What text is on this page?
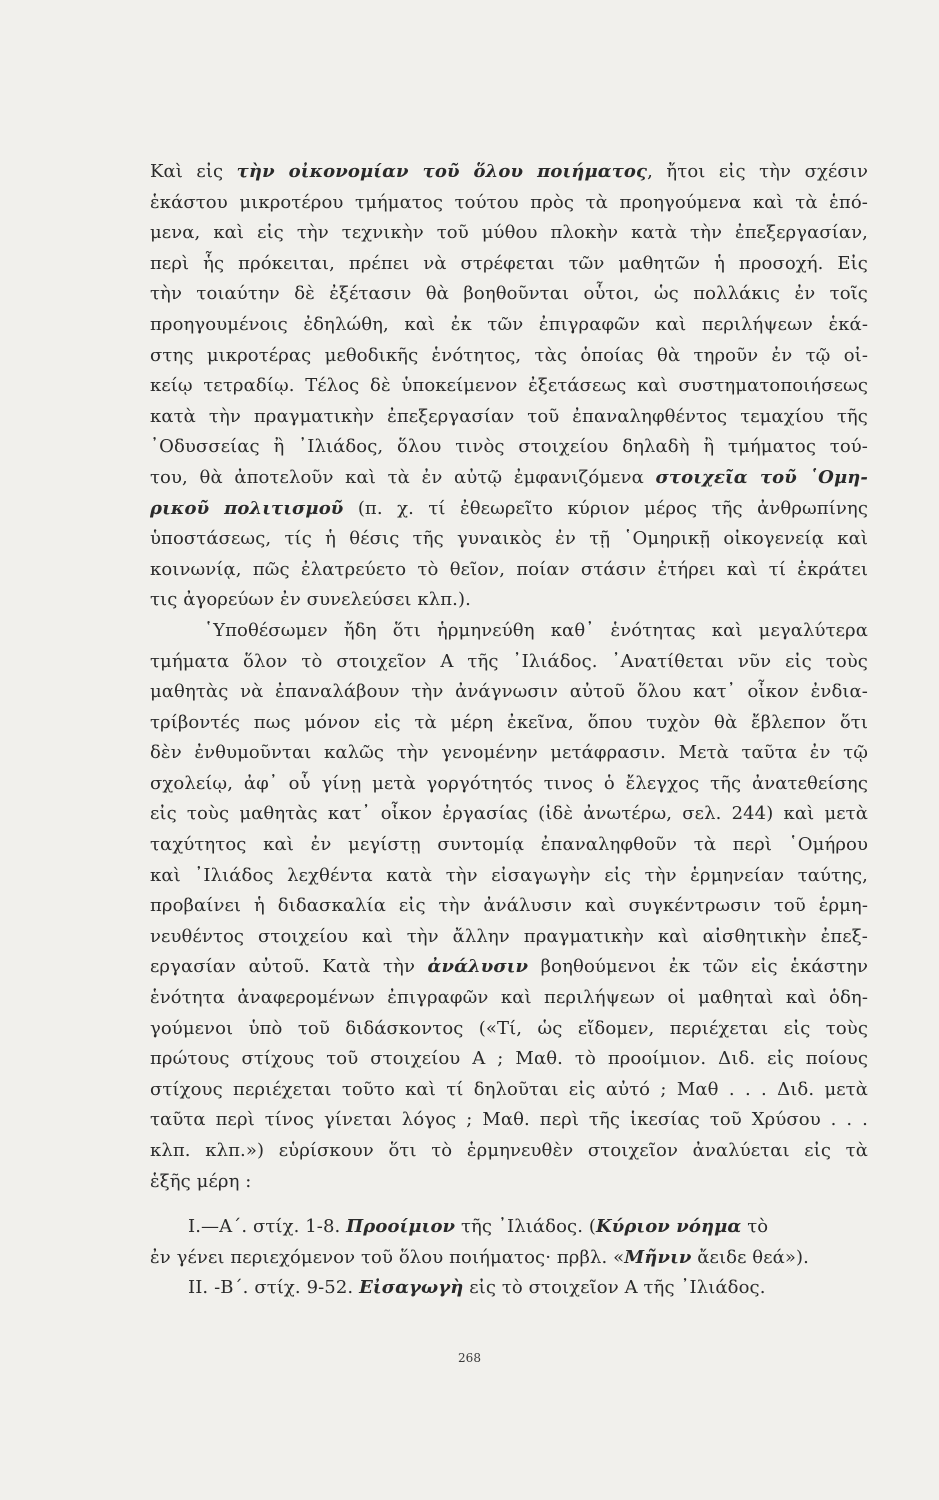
Καὶ εἰς τὴν οἰκονομίαν τοῦ ὅλου ποιήματος, ἤτοι εἰς τὴν σχέσιν
ἑκάστου μικροτέρου τμήματος τούτου πρὸς τὰ προηγούμενα καὶ τὰ ἑπό-
μενα, καὶ εἰς τὴν τεχνικὴν τοῦ μύθου πλοκὴν κατὰ τὴν ἐπεξεργασίαν,
περὶ ἧς πρόκειται, πρέπει νὰ στρέφεται τῶν μαθητῶν ἡ προσοχή. Εἰς
τὴν τοιαύτην δὲ ἐξέτασιν θὰ βοηθοῦνται οὗτοι, ὡς πολλάκις ἐν τοῖς
προηγουμένοις ἐδηλώθη, καὶ ἐκ τῶν ἐπιγραφῶν καὶ περιλήψεων ἑκά-
στης μικροτέρας μεθοδικῆς ἑνότητος, τὰς ὁποίας θὰ τηροῦν ἐν τῷ οἰ-
κείῳ τετραδίῳ. Τέλος δὲ ὑποκείμενον ἐξετάσεως καὶ συστηματοποιήσεως
κατὰ τὴν πραγματικὴν ἐπεξεργασίαν τοῦ ἐπαναληφθέντος τεμαχίου τῆς
᾿Οδυσσείας ἢ ᾿Ιλιάδος, ὅλου τινὸς στοιχείου δηλαδὴ ἢ τμήματος τού-
του, θὰ ἀποτελοῦν καὶ τὰ ἐν αὐτῷ ἐμφανιζόμενα στοιχεῖα τοῦ ῾Ομη-
ρικοῦ πολιτισμοῦ (π. χ. τί ἐθεωρεῖτο κύριον μέρος τῆς ἀνθρωπίνης
ὑποστάσεως, τίς ἡ θέσις τῆς γυναικὸς ἐν τῇ ῾Ομηρικῇ οἰκογενείᾳ καὶ
κοινωνίᾳ, πῶς ἐλατρεύετο τὸ θεῖον, ποίαν στάσιν ἐτήρει καὶ τί ἐκράτει
τις ἀγορεύων ἐν συνελεύσει κλπ.).
῾Υποθέσωμεν ἤδη ὅτι ἡρμηνεύθη καθ᾿ ἑνότητας καὶ μεγαλύτερα
τμήματα ὅλον τὸ στοιχεῖον Α τῆς ᾿Ιλιάδος. ᾿Ανατίθεται νῦν εἰς τοὺς
μαθητὰς νὰ ἐπαναλάβουν τὴν ἀνάγνωσιν αὐτοῦ ὅλου κατ᾿ οἶκον ἐνδια-
τρίβοντές πως μόνον εἰς τὰ μέρη ἐκεῖνα, ὅπου τυχὸν θὰ ἔβλεπον ὅτι
δὲν ἐνθυμοῦνται καλῶς τὴν γενομένην μετάφρασιν. Μετὰ ταῦτα ἐν τῷ
σχολείῳ, ἀφ᾿ οὗ γίνῃ μετὰ γοργότητός τινος ὁ ἔλεγχος τῆς ἀνατεθείσης
εἰς τοὺς μαθητὰς κατ᾿ οἶκον ἐργασίας (ἰδὲ ἀνωτέρω, σελ. 244) καὶ μετὰ
ταχύτητος καὶ ἐν μεγίστῃ συντομίᾳ ἐπαναληφθοῦν τὰ περὶ ῾Ομήρου
καὶ ᾿Ιλιάδος λεχθέντα κατὰ τὴν εἰσαγωγὴν εἰς τὴν ἑρμηνείαν ταύτης,
προβαίνει ἡ διδασκαλία εἰς τὴν ἀνάλυσιν καὶ συγκέντρωσιν τοῦ ἑρμη-
νευθέντος στοιχείου καὶ τὴν ἄλλην πραγματικὴν καὶ αἰσθητικὴν ἐπεξ-
εργασίαν αὐτοῦ. Κατὰ τὴν ἀνάλυσιν βοηθούμενοι ἐκ τῶν εἰς ἑκάστην
ἑνότητα ἀναφερομένων ἐπιγραφῶν καὶ περιλήψεων οἱ μαθηταὶ καὶ ὁδη-
γούμενοι ὑπὸ τοῦ διδάσκοντος («Τί, ὡς εἴδομεν, περιέχεται εἰς τοὺς
πρώτους στίχους τοῦ στοιχείου Α ; Μαθ. τὸ προοίμιον. Διδ. εἰς ποίους
στίχους περιέχεται τοῦτο καὶ τί δηλοῦται εἰς αὐτό ; Μαθ . . . Διδ. μετὰ
ταῦτα περὶ τίνος γίνεται λόγος ; Μαθ. περὶ τῆς ἱκεσίας τοῦ Χρύσου . . .
κλπ. κλπ.») εὑρίσκουν ὅτι τὸ ἑρμηνευθὲν στοιχεῖον ἀναλύεται εἰς τὰ
ἑξῆς μέρη :
Ι.—Α΄. στίχ. 1-8. Προοίμιον τῆς ᾿Ιλιάδος. (Κύριον νόημα τὸ
ἐν γένει περιεχόμενον τοῦ ὅλου ποιήματος· πρβλ. «Μῆνιν ἄειδε θεά»).
ΙΙ. -Β΄. στίχ. 9-52. Εἰσαγωγὴ εἰς τὸ στοιχεῖον Α τῆς ᾿Ιλιάδος.
268
